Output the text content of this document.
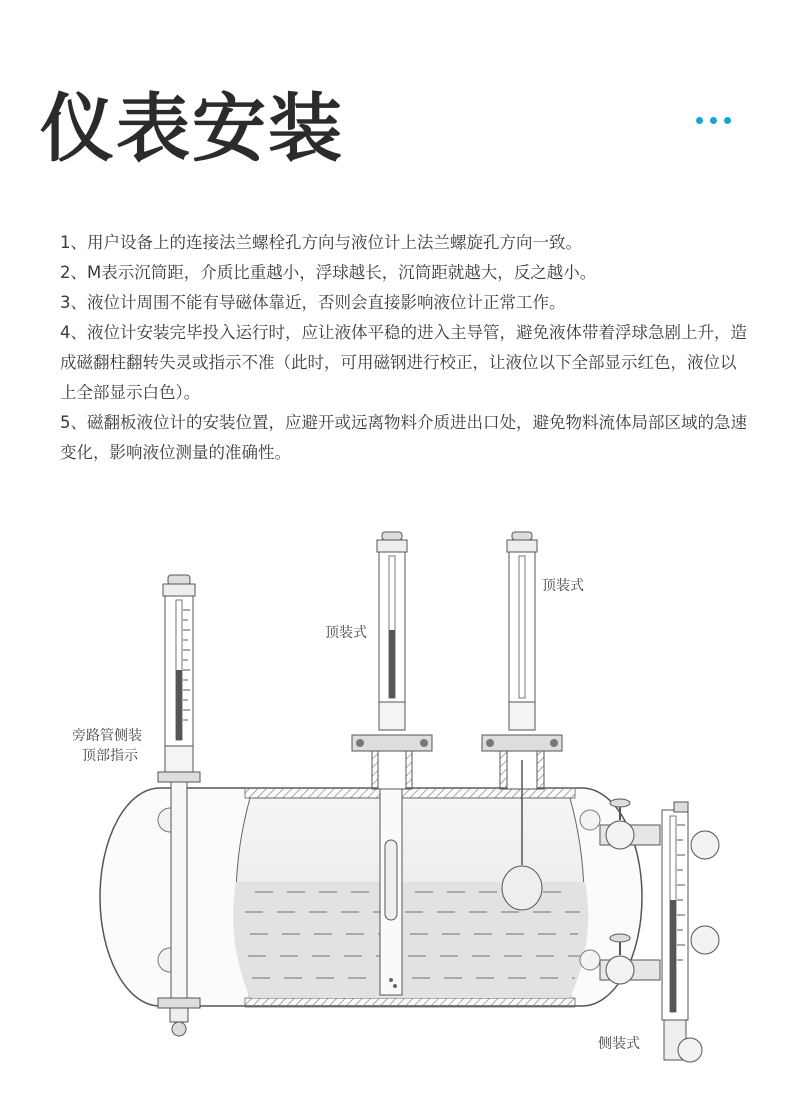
仪表安装

1、用户设备上的连接法兰螺栓孔方向与液位计上法兰螺旋孔方向一致。

2、M表示沉筒距，介质比重越小，浮球越长，沉筒距就越大，反之越小。

3、液位计周围不能有导磁体靠近，否则会直接影响液位计正常工作。

4、液位计安装完毕投入运行时，应让液体平稳的进入主导管，避免液体带着浮球急剧上升，造成磁翻柱翻转失灵或指示不准（此时，可用磁钢进行校正，让液位以下全部显示红色，液位以上全部显示白色）。

5、磁翻板液位计的安装位置，应避开或远离物料介质进出口处，避免物料流体局部区域的急速变化，影响液位测量的准确性。

旁路管侧装
顶部指示
顶装式
顶装式
侧装式
